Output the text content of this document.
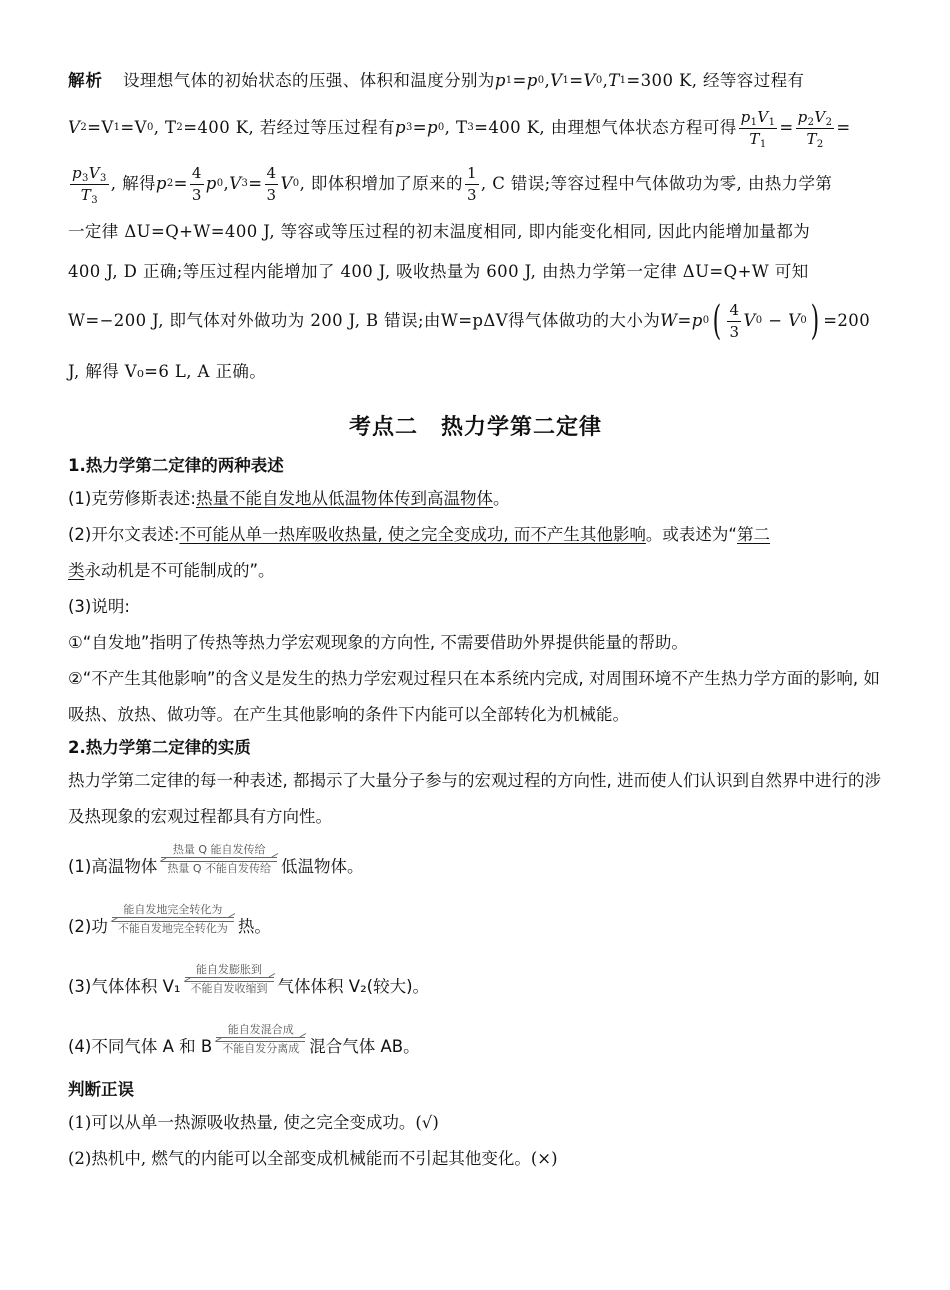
解析 设理想气体的初始状态的压强、体积和温度分别为 p 1 = p 0 , V 1 = V 0 , T 1 =300 K, 经等容过程有
V 2 =V 1 =V 0 , T 2 =400 K, 若经过等压过程有 p 3 = p 0 , T 3 =400 K, 由理想气体状态方程可得 $\frac{p_1V_1}{T_1} = \frac{p_2V_2}{T_2}$ =
$\frac{p_3V_3}{T_3}$ , 解得 p $2 = \frac{4}{3}$ p 0 , V $3 = \frac{4}{3}$ V 0 , 即体积增加了原来的 $\frac{1}{3}$ , C 错误;等容过程中气体做功为零, 由热力学第
一定律 ΔU=Q+W=400 J, 等容或等压过程的初末温度相同, 即内能变化相同, 因此内能增加量都为
400 J, D 正确;等压过程内能增加了 400 J, 吸收热量为 600 J, 由热力学第一定律 ΔU=Q+W 可知
W=−200 J, 即气体对外做功为 200 J, B 错误;由 W=pΔV 得气体做功的大小为 W = p 0 ( $\frac{4}{3}$ V 0
−
V 0 ) =200
J, 解得 V₀=6 L, A 正确。
考点二　热力学第二定律
1.热力学第二定律的两种表述
(1)克劳修斯表述:热量不能自发地从低温物体传到高温物体。
(2)开尔文表述:不可能从单一热库吸收热量, 使之完全变成功, 而不产生其他影响。或表述为“第二
类永动机是不可能制成的”。
(3)说明:
①“自发地”指明了传热等热力学宏观现象的方向性, 不需要借助外界提供能量的帮助。
②“不产生其他影响”的含义是发生的热力学宏观过程只在本系统内完成, 对周围环境不产生热力学方面的影响, 如吸热、放热、做功等。在产生其他影响的条件下内能可以全部转化为机械能。
2.热力学第二定律的实质
热力学第二定律的每一种表述, 都揭示了大量分子参与的宏观过程的方向性, 进而使人们认识到自然界中进行的涉及热现象的宏观过程都具有方向性。
(1)高温物体
热量 Q 能自发传给
热量 Q 不能自发传给 低温物体。
(2)功
能自发地完全转化为
不能自发地完全转化为 热。
(3)气体体积 V₁
能自发膨胀到
不能自发收缩到 气体体积 V₂(较大)。
(4)不同气体 A 和 B
能自发混合成
不能自发分离成 混合气体 AB。
判断正误
(1)可以从单一热源吸收热量, 使之完全变成功。(√)
(2)热机中, 燃气的内能可以全部变成机械能而不引起其他变化。(×)
